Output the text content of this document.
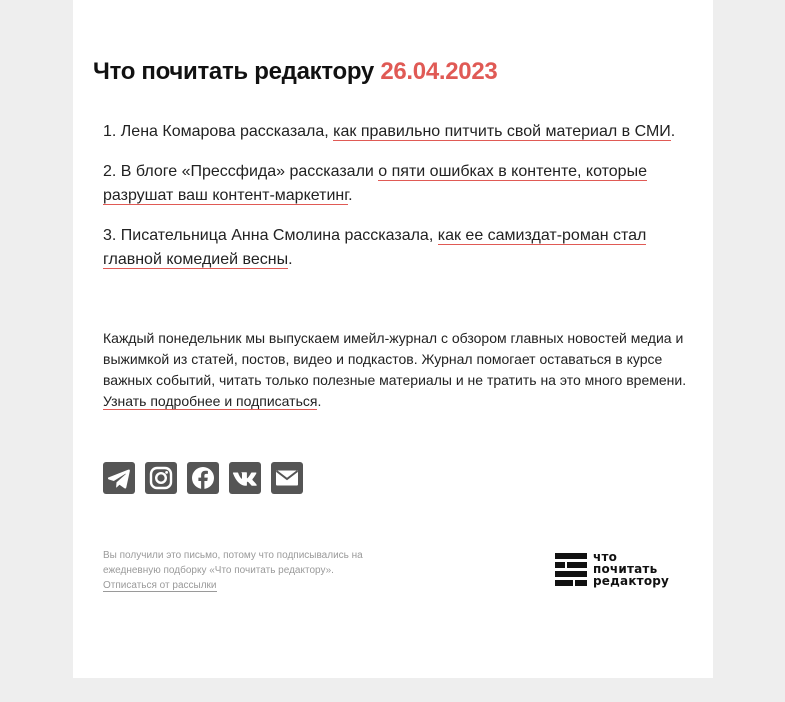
Что почитать редактору 26.04.2023

1. Лена Комарова рассказала, как правильно питчить свой материал в СМИ.

2. В блоге «Прессфида» рассказали о пяти ошибках в контенте, которые разрушат ваш контент-маркетинг.

3. Писательница Анна Смолина рассказала, как ее самиздат-роман стал главной комедией весны.

Каждый понедельник мы выпускаем имейл-журнал с обзором главных новостей медиа и выжимкой из статей, постов, видео и подкастов. Журнал помогает оставаться в курсе важных событий, читать только полезные материалы и не тратить на это много времени. Узнать подробнее и подписаться.
Вы получили это письмо, потому что подписывались на ежедневную подборку «Что почитать редактору».
Отписаться от рассылки
что
почитать
редактору
